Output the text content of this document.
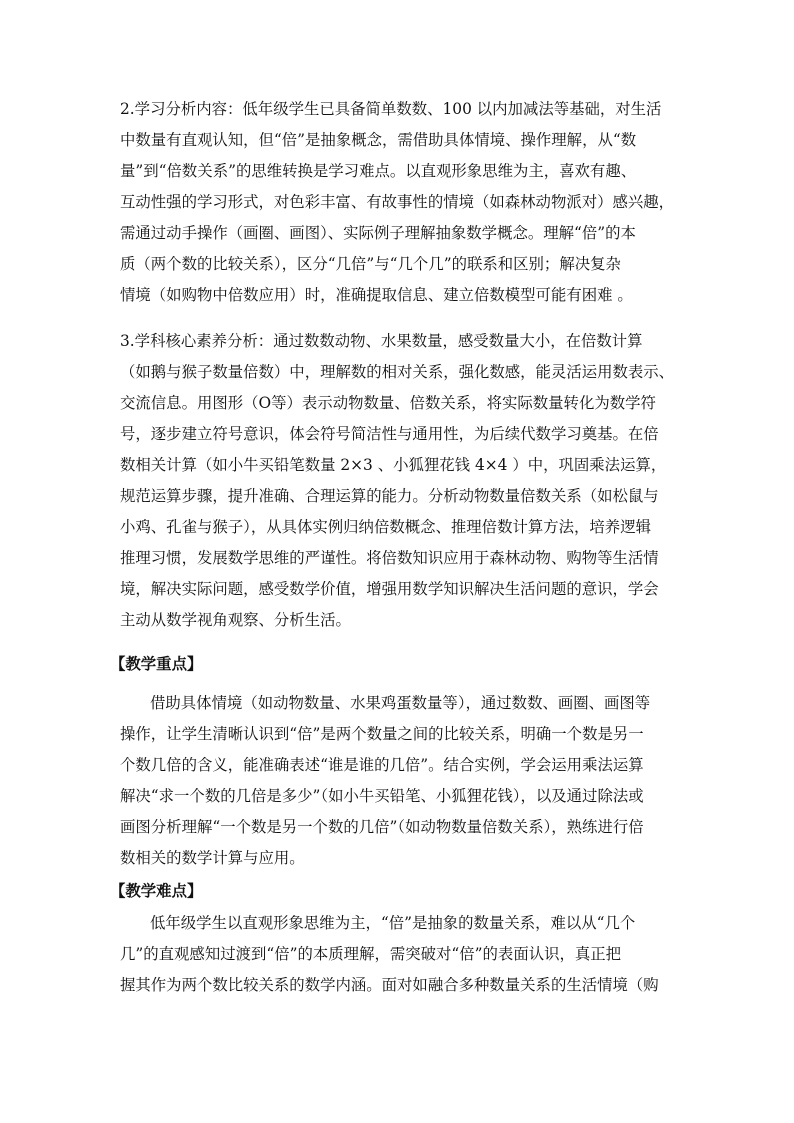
2.学习分析内容：低年级学生已具备简单数数、100 以内加减法等基础，对生活
中数量有直观认知，但“倍”是抽象概念，需借助具体情境、操作理解，从“数
量”到“倍数关系”的思维转换是学习难点。以直观形象思维为主，喜欢有趣、
互动性强的学习形式，对色彩丰富、有故事性的情境（如森林动物派对）感兴趣，
需通过动手操作（画圈、画图）、实际例子理解抽象数学概念。理解“倍”的本
质（两个数的比较关系），区分“几倍”与“几个几”的联系和区别；解决复杂
情境（如购物中倍数应用）时，准确提取信息、建立倍数模型可能有困难 。
3.学科核心素养分析：通过数数动物、水果数量，感受数量大小，在倍数计算
（如鹅与猴子数量倍数）中，理解数的相对关系，强化数感，能灵活运用数表示、
交流信息。用图形（O等）表示动物数量、倍数关系，将实际数量转化为数学符
号，逐步建立符号意识，体会符号简洁性与通用性，为后续代数学习奠基。在倍
数相关计算（如小牛买铅笔数量 2×3 、小狐狸花钱 4×4 ）中，巩固乘法运算，
规范运算步骤，提升准确、合理运算的能力。分析动物数量倍数关系（如松鼠与
小鸡、孔雀与猴子），从具体实例归纳倍数概念、推理倍数计算方法，培养逻辑
推理习惯，发展数学思维的严谨性。将倍数知识应用于森林动物、购物等生活情
境，解决实际问题，感受数学价值，增强用数学知识解决生活问题的意识，学会
主动从数学视角观察、分析生活。
【教学重点】
借助具体情境（如动物数量、水果鸡蛋数量等），通过数数、画圈、画图等
操作，让学生清晰认识到“倍”是两个数量之间的比较关系，明确一个数是另一
个数几倍的含义，能准确表述“谁是谁的几倍”。结合实例，学会运用乘法运算
解决“求一个数的几倍是多少”（如小牛买铅笔、小狐狸花钱），以及通过除法或
画图分析理解“一个数是另一个数的几倍”（如动物数量倍数关系），熟练进行倍
数相关的数学计算与应用。
【教学难点】
低年级学生以直观形象思维为主，“倍”是抽象的数量关系，难以从“几个
几”的直观感知过渡到“倍”的本质理解，需突破对“倍”的表面认识，真正把
握其作为两个数比较关系的数学内涵。面对如融合多种数量关系的生活情境（购
